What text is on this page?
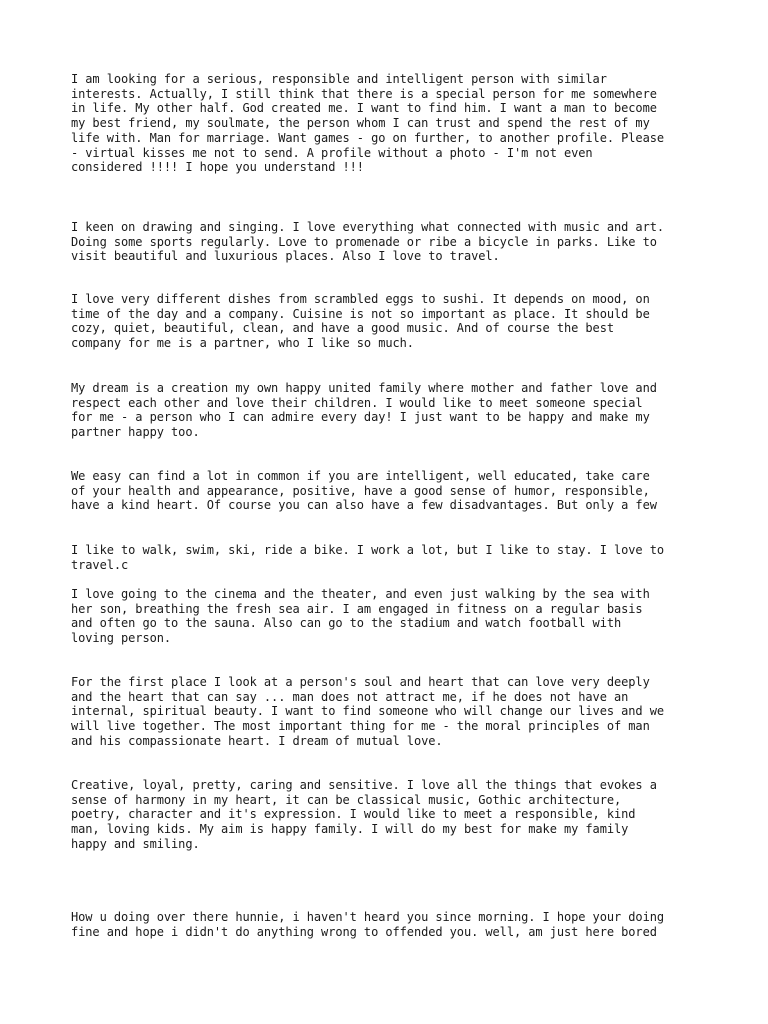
I am looking for a serious, responsible and intelligent person with similar
interests. Actually, I still think that there is a special person for me somewhere
in life. My other half. God created me. I want to find him. I want a man to become
my best friend, my soulmate, the person whom I can trust and spend the rest of my
life with. Man for marriage. Want games - go on further, to another profile. Please
- virtual kisses me not to send. A profile without a photo - I'm not even
considered !!!! I hope you understand !!!

I keen on drawing and singing. I love everything what connected with music and art.
Doing some sports regularly. Love to promenade or ribe a bicycle in parks. Like to
visit beautiful and luxurious places. Also I love to travel.

I love very different dishes from scrambled eggs to sushi. It depends on mood, on
time of the day and a company. Cuisine is not so important as place. It should be
cozy, quiet, beautiful, clean, and have a good music. And of course the best
company for me is a partner, who I like so much.

My dream is a creation my own happy united family where mother and father love and
respect each other and love their children. I would like to meet someone special
for me - a person who I can admire every day! I just want to be happy and make my
partner happy too.

We easy can find a lot in common if you are intelligent, well educated, take care
of your health and appearance, positive, have a good sense of humor, responsible,
have a kind heart. Of course you can also have a few disadvantages. But only a few

I like to walk, swim, ski, ride a bike. I work a lot, but I like to stay. I love to
travel.c

I love going to the cinema and the theater, and even just walking by the sea with
her son, breathing the fresh sea air. I am engaged in fitness on a regular basis
and often go to the sauna. Also can go to the stadium and watch football with
loving person.

For the first place I look at a person's soul and heart that can love very deeply
and the heart that can say ... man does not attract me, if he does not have an
internal, spiritual beauty. I want to find someone who will change our lives and we
will live together. The most important thing for me - the moral principles of man
and his compassionate heart. I dream of mutual love.

Creative, loyal, pretty, caring and sensitive. I love all the things that evokes a
sense of harmony in my heart, it can be classical music, Gothic architecture,
poetry, character and it's expression. I would like to meet a responsible, kind
man, loving kids. My aim is happy family. I will do my best for make my family
happy and smiling.

How u doing over there hunnie, i haven't heard you since morning. I hope your doing
fine and hope i didn't do anything wrong to offended you. well, am just here bored
